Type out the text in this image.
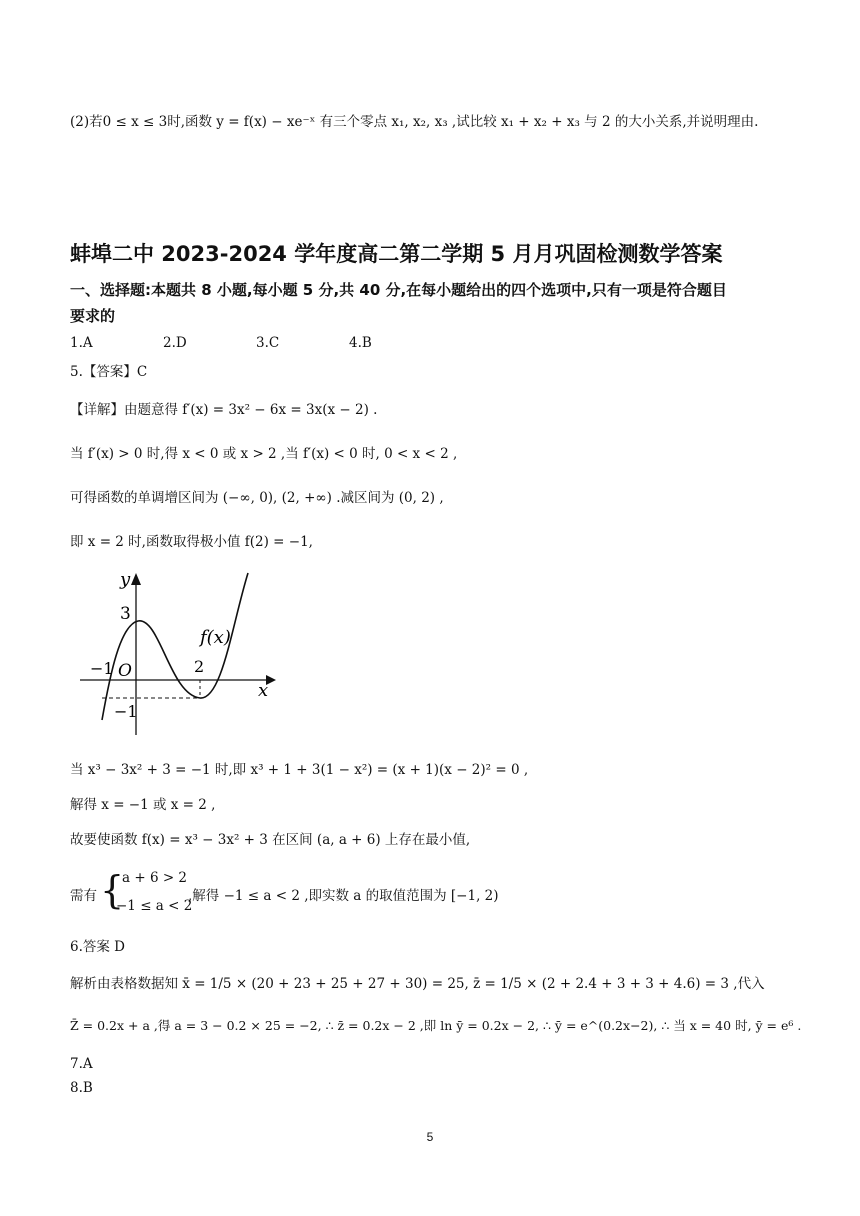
(2)若0 ≤ x ≤ 3时,函数 y = f(x) − xe⁻ˣ 有三个零点 x₁, x₂, x₃ ,试比较 x₁ + x₂ + x₃ 与 2 的大小关系,并说明理由.
蚌埠二中 2023-2024 学年度高二第二学期 5 月月巩固检测数学答案
一、选择题:本题共 8 小题,每小题 5 分,共 40 分,在每小题给出的四个选项中,只有一项是符合题目
要求的
1.A	2.D	3.C	4.B
5.【答案】C
【详解】由题意得 f′(x) = 3x² − 6x = 3x(x − 2) .
当 f′(x) > 0 时,得 x < 0 或 x > 2 ,当 f′(x) < 0 时, 0 < x < 2 ,
可得函数的单调增区间为 (−∞, 0), (2, +∞) .减区间为 (0, 2) ,
即 x = 2 时,函数取得极小值 f(2) = −1,
y
x
O
f(x)
3
−1	2
−1
当 x³ − 3x² + 3 = −1 时,即 x³ + 1 + 3(1 − x²) = (x + 1)(x − 2)² = 0 ,
解得 x = −1 或 x = 2 ,
故要使函数 f(x) = x³ − 3x² + 3 在区间 (a, a + 6) 上存在最小值,
需有 {
a + 6 > 2
−1 ≤ a < 2
,解得 −1 ≤ a < 2 ,即实数 a 的取值范围为 [−1, 2)
6.答案 D
解析由表格数据知 x̄ = 1/5 × (20 + 23 + 25 + 27 + 30) = 25, z̄ = 1/5 × (2 + 2.4 + 3 + 3 + 4.6) = 3 ,代入
Z̄ = 0.2x + a ,得 a = 3 − 0.2 × 25 = −2, ∴ z̄ = 0.2x − 2 ,即 ln ȳ = 0.2x − 2, ∴ ȳ = e^(0.2x−2), ∴ 当 x = 40 时, ȳ = e⁶ .
7.A
8.B
5
